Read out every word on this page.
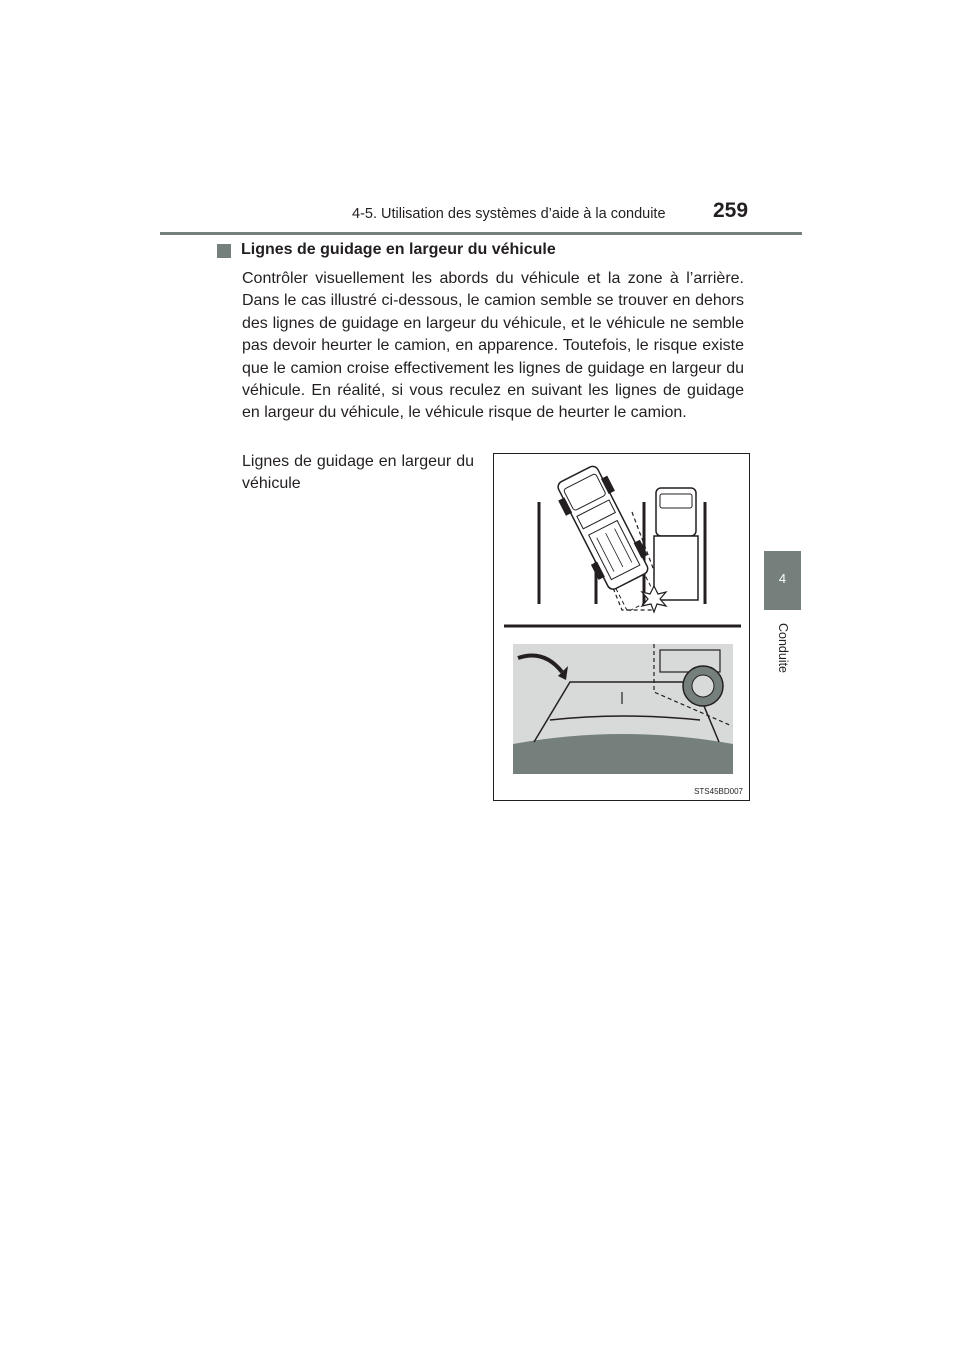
4-5. Utilisation des systèmes d’aide à la conduite 259
4
Conduite
Lignes de guidage en largeur du véhicule

Contrôler visuellement les abords du véhicule et la zone à l’arrière. Dans le cas illustré ci-dessous, le camion semble se trouver en dehors des lignes de guidage en largeur du véhicule, et le véhicule ne semble pas devoir heurter le camion, en apparence. Toutefois, le risque existe que le camion croise effectivement les lignes de guidage en largeur du véhicule. En réalité, si vous reculez en suivant les lignes de guidage en largeur du véhicule, le véhicule risque de heurter le camion.

Lignes de guidage en largeur du véhicule

STS45BD007
